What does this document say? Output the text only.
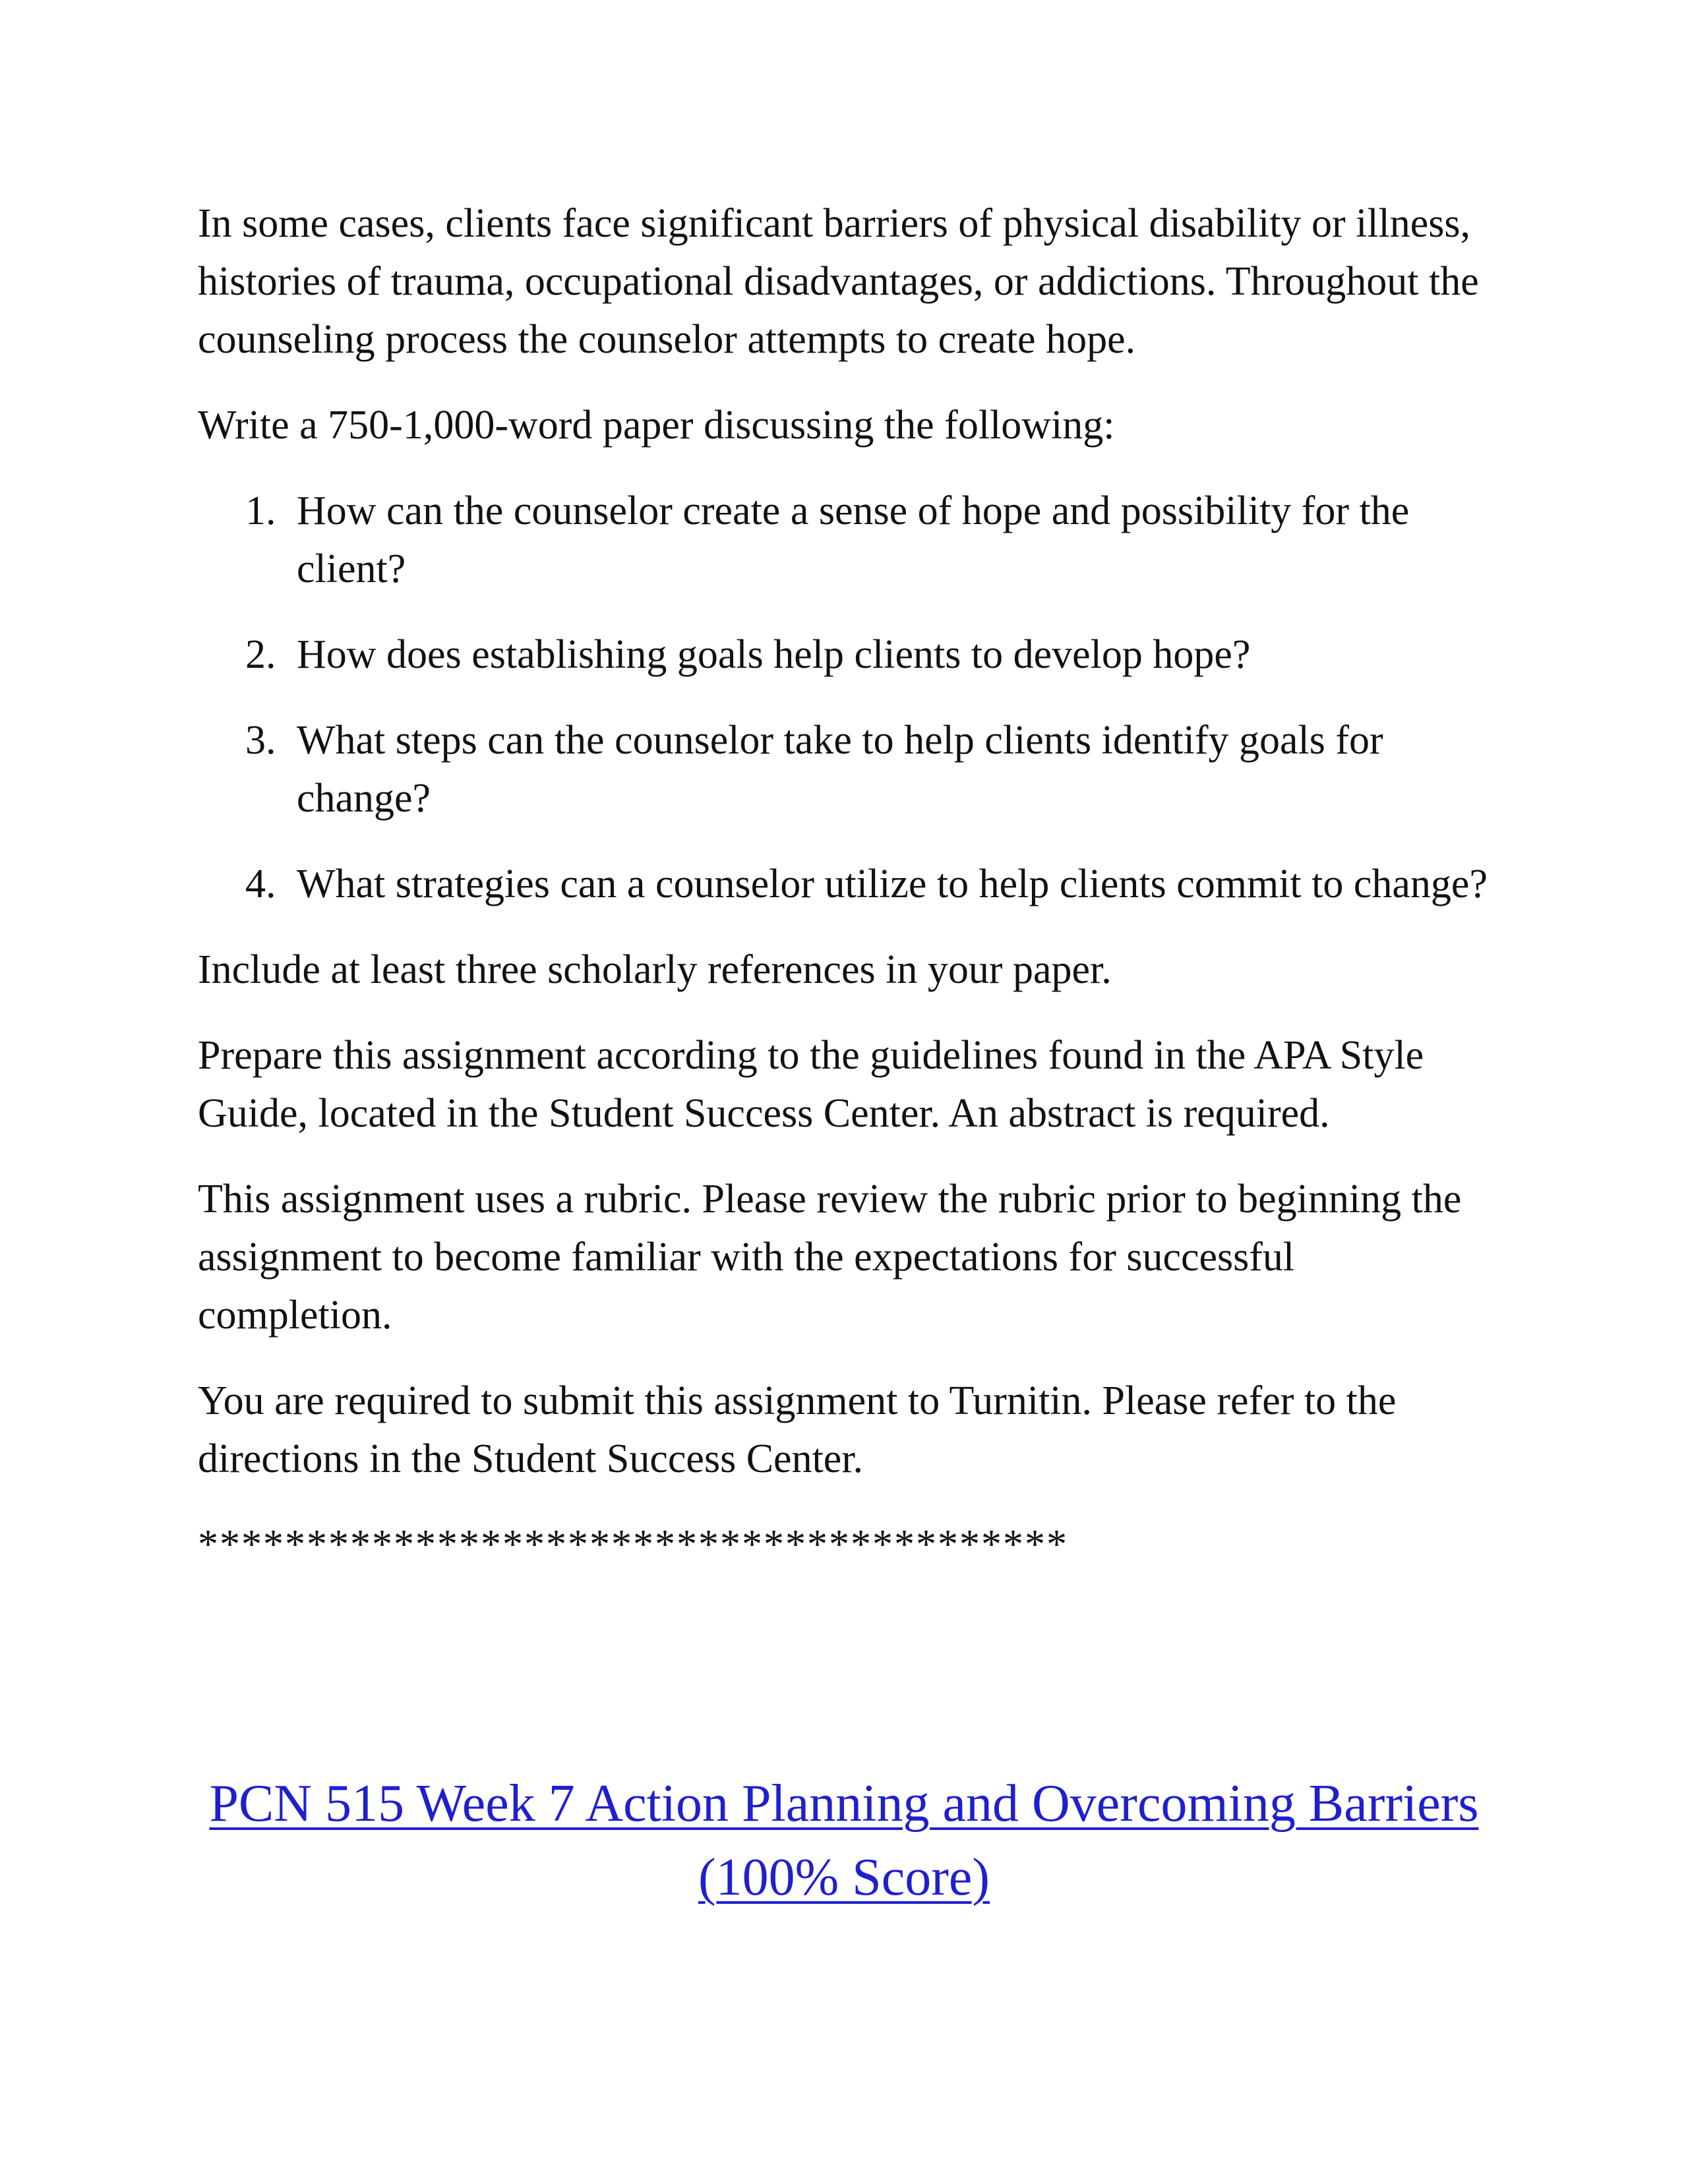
In some cases, clients face significant barriers of physical disability or illness, histories of trauma, occupational disadvantages, or addictions. Throughout the counseling process the counselor attempts to create hope.

Write a 750-1,000-word paper discussing the following:

1. How can the counselor create a sense of hope and possibility for the client?
2. How does establishing goals help clients to develop hope?
3. What steps can the counselor take to help clients identify goals for change?
4. What strategies can a counselor utilize to help clients commit to change?

Include at least three scholarly references in your paper.

Prepare this assignment according to the guidelines found in the APA Style Guide, located in the Student Success Center. An abstract is required.

This assignment uses a rubric. Please review the rubric prior to beginning the assignment to become familiar with the expectations for successful completion.

You are required to submit this assignment to Turnitin. Please refer to the directions in the Student Success Center.

****************************************
PCN 515 Week 7 Action Planning and Overcoming Barriers (100% Score)
